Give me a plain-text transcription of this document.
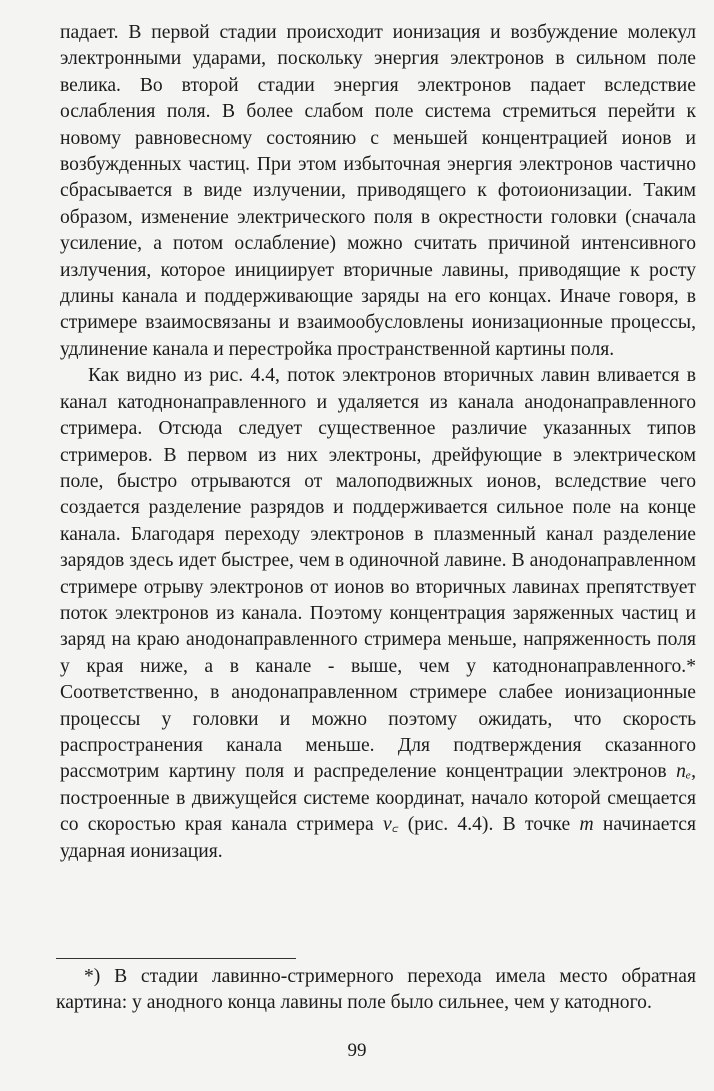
падает. В первой стадии происходит ионизация и возбуждение молекул электронными ударами, поскольку энергия электронов в сильном поле велика. Во второй стадии энергия электронов падает вследствие ослабления поля. В более слабом поле система стремиться перейти к новому равновесному состоянию с меньшей концентрацией ионов и возбужденных частиц. При этом избыточная энергия электронов частично сбрасывается в виде излучении, приводящего к фотоионизации. Таким образом, изменение электрического поля в окрестности головки (сначала усиление, а потом ослабление) можно считать причиной интенсивного излучения, которое инициирует вторичные лавины, приводящие к росту длины канала и поддерживающие заряды на его концах. Иначе говоря, в стримере взаимосвязаны и взаимообусловлены ионизационные процессы, удлинение канала и перестройка пространственной картины поля.

Как видно из рис. 4.4, поток электронов вторичных лавин вливается в канал катоднонаправленного и удаляется из канала анодонаправленного стримера. Отсюда следует существенное различие указанных типов стримеров. В первом из них электроны, дрейфующие в электрическом поле, быстро отрываются от малоподвижных ионов, вследствие чего создается разделение разрядов и поддерживается сильное поле на конце канала. Благодаря переходу электронов в плазменный канал разделение зарядов здесь идет быстрее, чем в одиночной лавине. В анодонаправленном стримере отрыву электронов от ионов во вторичных лавинах препятствует поток электронов из канала. Поэтому концентрация заряженных частиц и заряд на краю анодонаправленного стримера меньше, напряженность поля у края ниже, а в канале - выше, чем у катоднонаправленного.* Соответственно, в анодонаправленном стримере слабее ионизационные процессы у головки и можно поэтому ожидать, что скорость распространения канала меньше. Для подтверждения сказанного рассмотрим картину поля и распределение концентрации электронов nₑ, построенные в движущейся системе координат, начало которой смещается со скоростью края канала стримера v꜀ (рис. 4.4). В точке m начинается ударная ионизация.

*) В стадии лавинно-стримерного перехода имела место обратная картина: у анодного конца лавины поле было сильнее, чем у катодного.

99
